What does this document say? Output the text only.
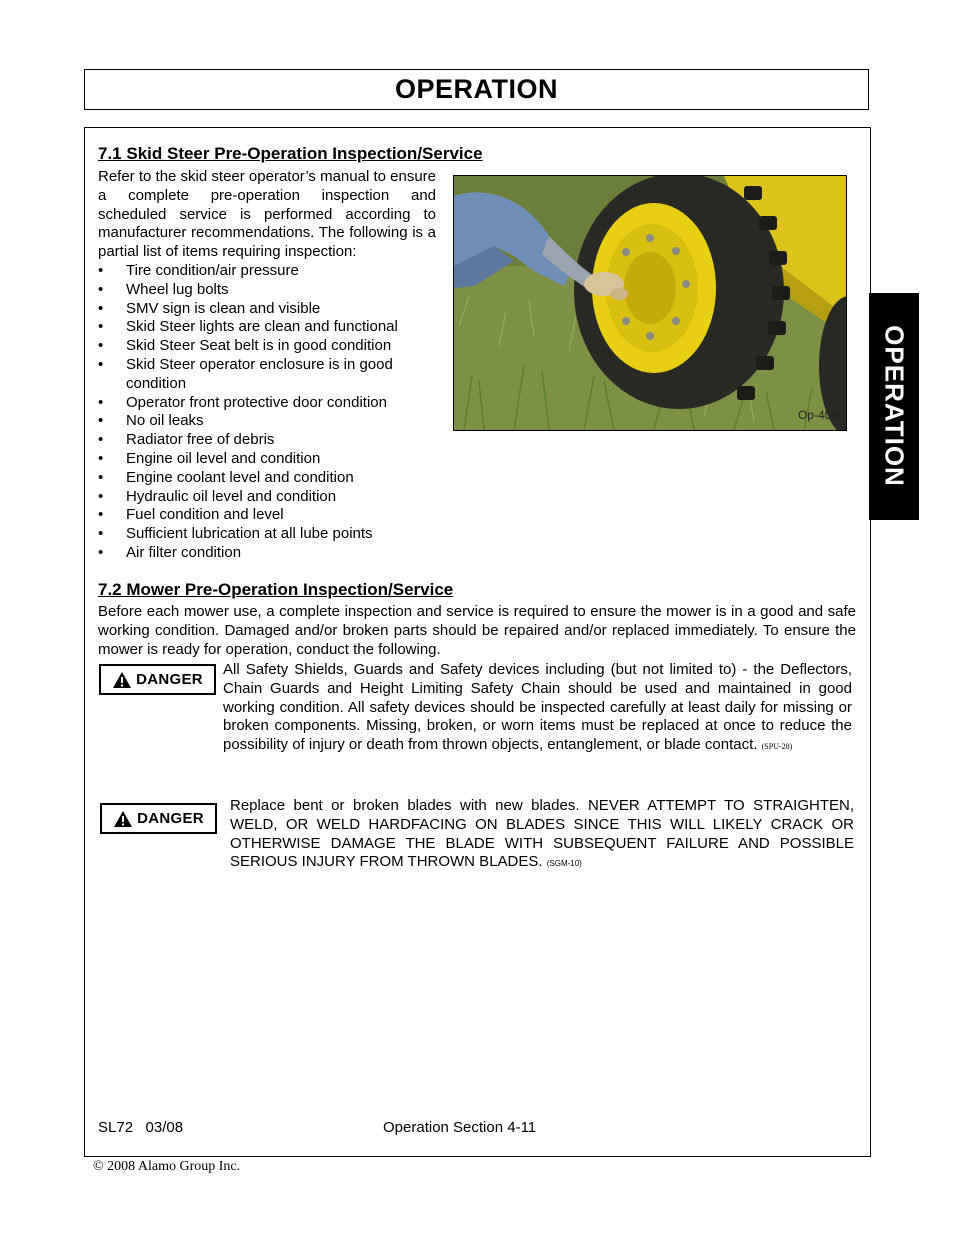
OPERATION
OPERATION
7.1 Skid Steer Pre-Operation Inspection/Service
Refer to the skid steer operator’s manual to ensure a complete pre-operation inspection and scheduled service is performed according to manufacturer recommendations. The following is a partial list of items requiring inspection:
• Tire condition/air pressure
• Wheel lug bolts
• SMV sign is clean and visible
• Skid Steer lights are clean and functional
• Skid Steer Seat belt is in good condition
• Skid Steer operator enclosure is in good condition
• Operator front protective door condition
• No oil leaks
• Radiator free of debris
• Engine oil level and condition
• Engine coolant level and condition
• Hydraulic oil level and condition
• Fuel condition and level
• Sufficient lubrication at all lube points
• Air filter condition
Op-404
7.2 Mower Pre-Operation Inspection/Service
Before each mower use, a complete inspection and service is required to ensure the mower is in a good and safe working condition. Damaged and/or broken parts should be repaired and/or replaced immediately. To ensure the mower is ready for operation, conduct the following.
DANGER
All Safety Shields, Guards and Safety devices including (but not limited to) - the Deflectors, Chain Guards and Height Limiting Safety Chain should be used and maintained in good working condition. All safety devices should be inspected carefully at least daily for missing or broken components. Missing, broken, or worn items must be replaced at once to reduce the possibility of injury or death from thrown objects, entanglement, or blade contact. (SPU-28)
DANGER
Replace bent or broken blades with new blades. NEVER ATTEMPT TO STRAIGHTEN, WELD, OR WELD HARDFACING ON BLADES SINCE THIS WILL LIKELY CRACK OR OTHERWISE DAMAGE THE BLADE WITH SUBSEQUENT FAILURE AND POSSIBLE SERIOUS INJURY FROM THROWN BLADES. (SGM-10)
SL72   03/08	Operation Section 4-11
© 2008 Alamo Group Inc.
